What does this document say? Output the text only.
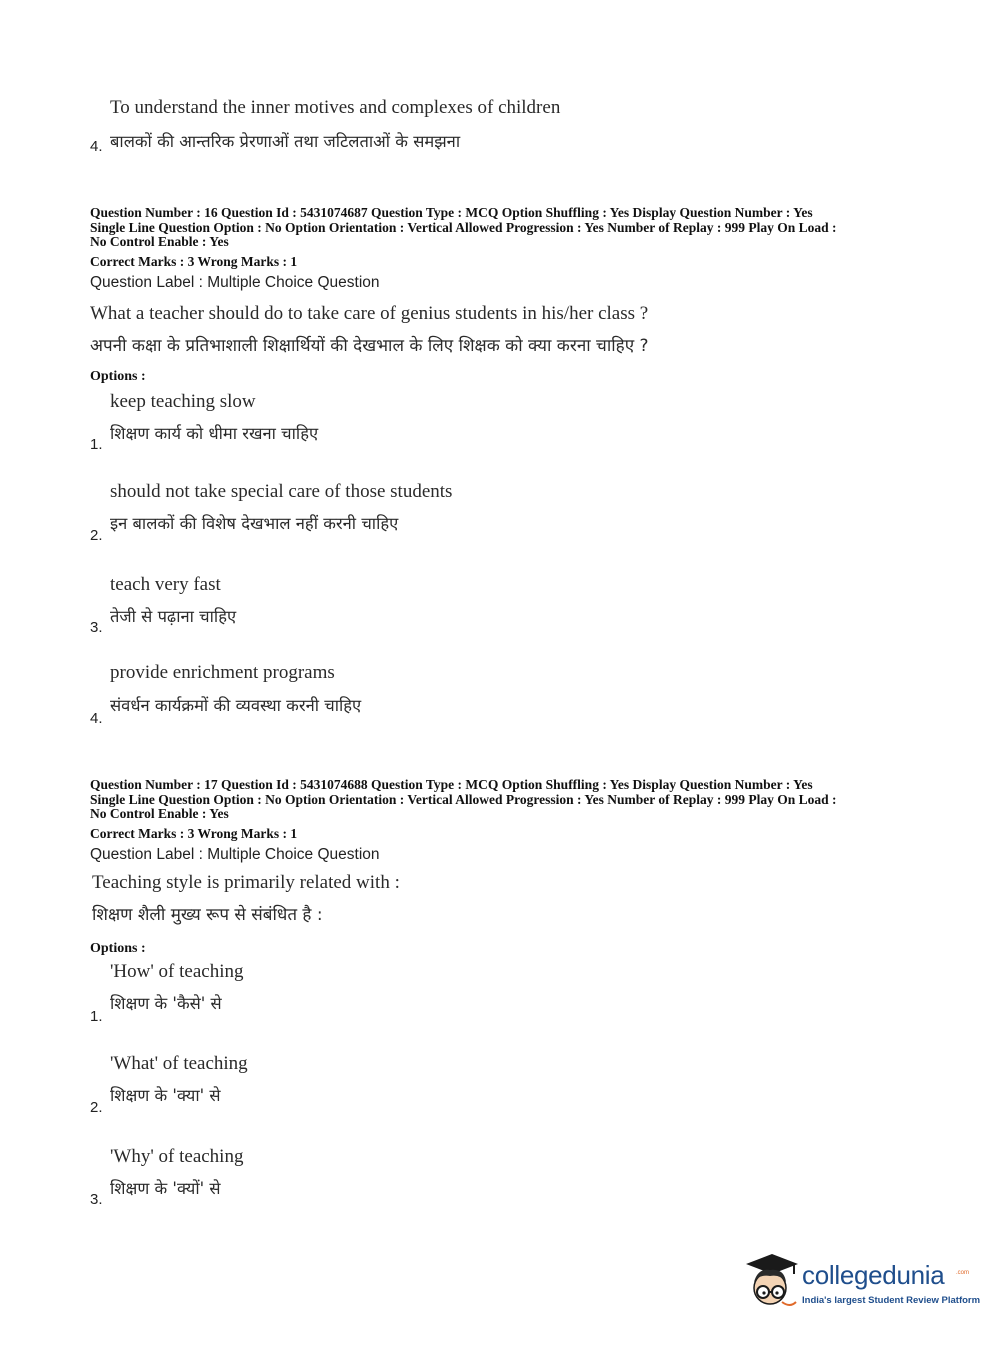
To understand the inner motives and complexes of children
बालकों की आन्तरिक प्रेरणाओं तथा जटिलताओं के समझना
4.
Question Number : 16 Question Id : 5431074687 Question Type : MCQ Option Shuffling : Yes Display Question Number : Yes
Single Line Question Option : No Option Orientation : Vertical Allowed Progression : Yes Number of Replay : 999 Play On Load :
No Control Enable : Yes
Correct Marks : 3 Wrong Marks : 1
Question Label : Multiple Choice Question
What a teacher should do to take care of genius students in his/her class ?
अपनी कक्षा के प्रतिभाशाली शिक्षार्थियों की देखभाल के लिए शिक्षक को क्या करना चाहिए ?
Options :
keep teaching slow
शिक्षण कार्य को धीमा रखना चाहिए
1.
should not take special care of those students
इन बालकों की विशेष देखभाल नहीं करनी चाहिए
2.
teach very fast
तेजी से पढ़ाना चाहिए
3.
provide enrichment programs
संवर्धन कार्यक्रमों की व्यवस्था करनी चाहिए
4.
Question Number : 17 Question Id : 5431074688 Question Type : MCQ Option Shuffling : Yes Display Question Number : Yes
Single Line Question Option : No Option Orientation : Vertical Allowed Progression : Yes Number of Replay : 999 Play On Load :
No Control Enable : Yes
Correct Marks : 3 Wrong Marks : 1
Question Label : Multiple Choice Question
Teaching style is primarily related with :
शिक्षण शैली मुख्य रूप से संबंधित है :
Options :
'How' of teaching
शिक्षण के 'कैसे' से
1.
'What' of teaching
शिक्षण के 'क्या' से
2.
'Why' of teaching
शिक्षण के 'क्यों' से
3.
collegedunia .com
India's largest Student Review Platform
